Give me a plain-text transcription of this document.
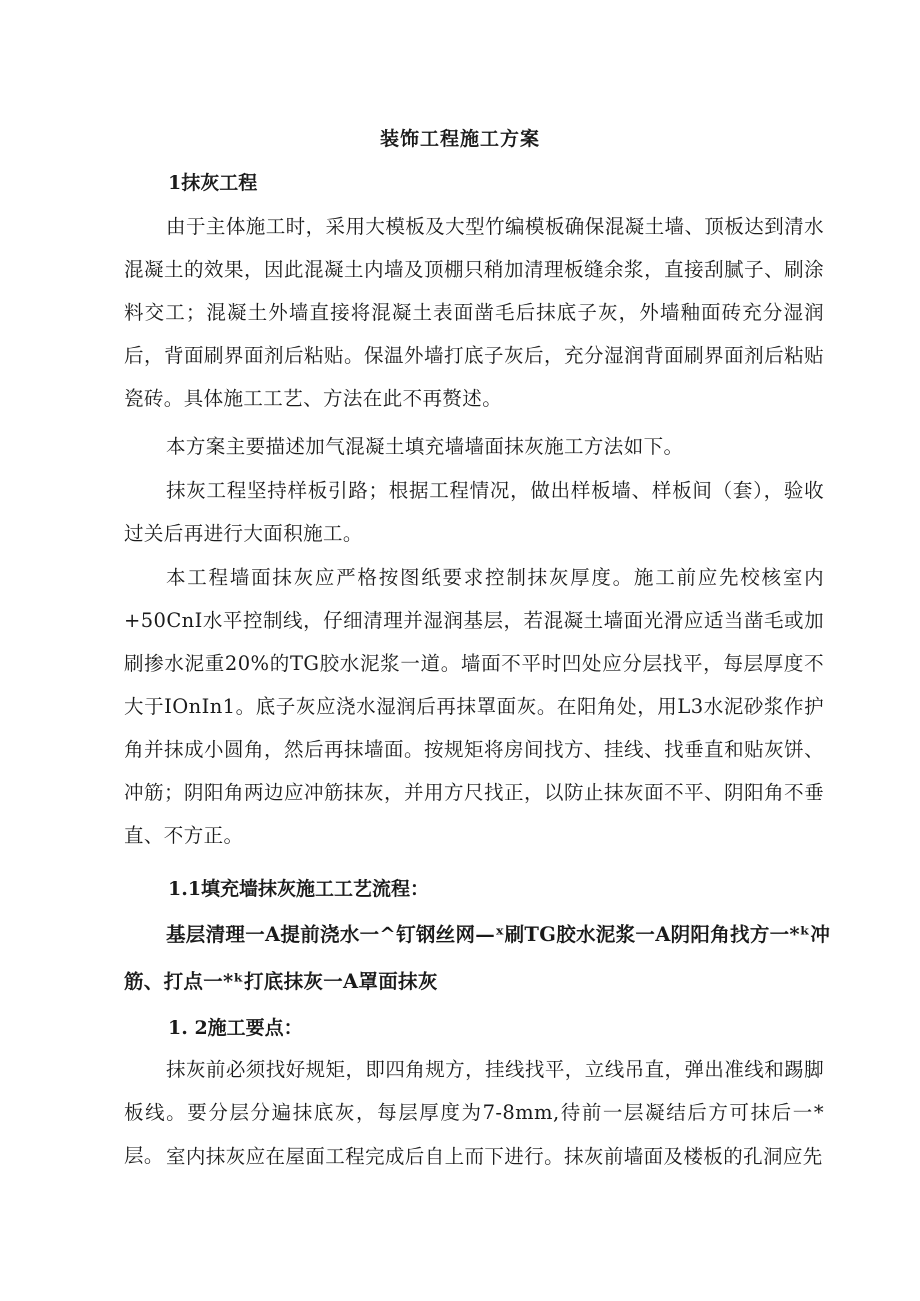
装饰工程施工方案
1抹灰工程

由于主体施工时，采用大模板及大型竹编模板确保混凝土墙、顶板达到清水混凝土的效果，因此混凝土内墙及顶棚只稍加清理板缝余浆，直接刮腻子、刷涂料交工；混凝土外墙直接将混凝土表面凿毛后抹底子灰，外墙釉面砖充分湿润后，背面刷界面剂后粘贴。保温外墙打底子灰后，充分湿润背面刷界面剂后粘贴瓷砖。具体施工工艺、方法在此不再赘述。

本方案主要描述加气混凝土填充墙墙面抹灰施工方法如下。

抹灰工程坚持样板引路；根据工程情况，做出样板墙、样板间（套），验收过关后再进行大面积施工。

本工程墙面抹灰应严格按图纸要求控制抹灰厚度。施工前应先校核室内+50CnI水平控制线，仔细清理并湿润基层，若混凝土墙面光滑应适当凿毛或加刷掺水泥重20%的TG胶水泥浆一道。墙面不平时凹处应分层找平，每层厚度不大于IOnIn1。底子灰应浇水湿润后再抹罩面灰。在阳角处，用L3水泥砂浆作护角并抹成小圆角，然后再抹墙面。按规矩将房间找方、挂线、找垂直和贴灰饼、冲筋；阴阳角两边应冲筋抹灰，并用方尺找正，以防止抹灰面不平、阴阳角不垂直、不方正。

1.1填充墙抹灰施工工艺流程：

基层清理一A提前浇水一^钉钢丝网—ˣ刷TG胶水泥浆一A阴阳角找方一*ᵏ冲筋、打点一*ᵏ打底抹灰一A罩面抹灰

1. 2施工要点：

抹灰前必须找好规矩，即四角规方，挂线找平，立线吊直，弹出准线和踢脚板线。要分层分遍抹底灰，每层厚度为7-8mm,待前一层凝结后方可抹后一*层。 室内抹灰应在屋面工程完成后自上而下进行。抹灰前墙面及楼板的孔洞应先
